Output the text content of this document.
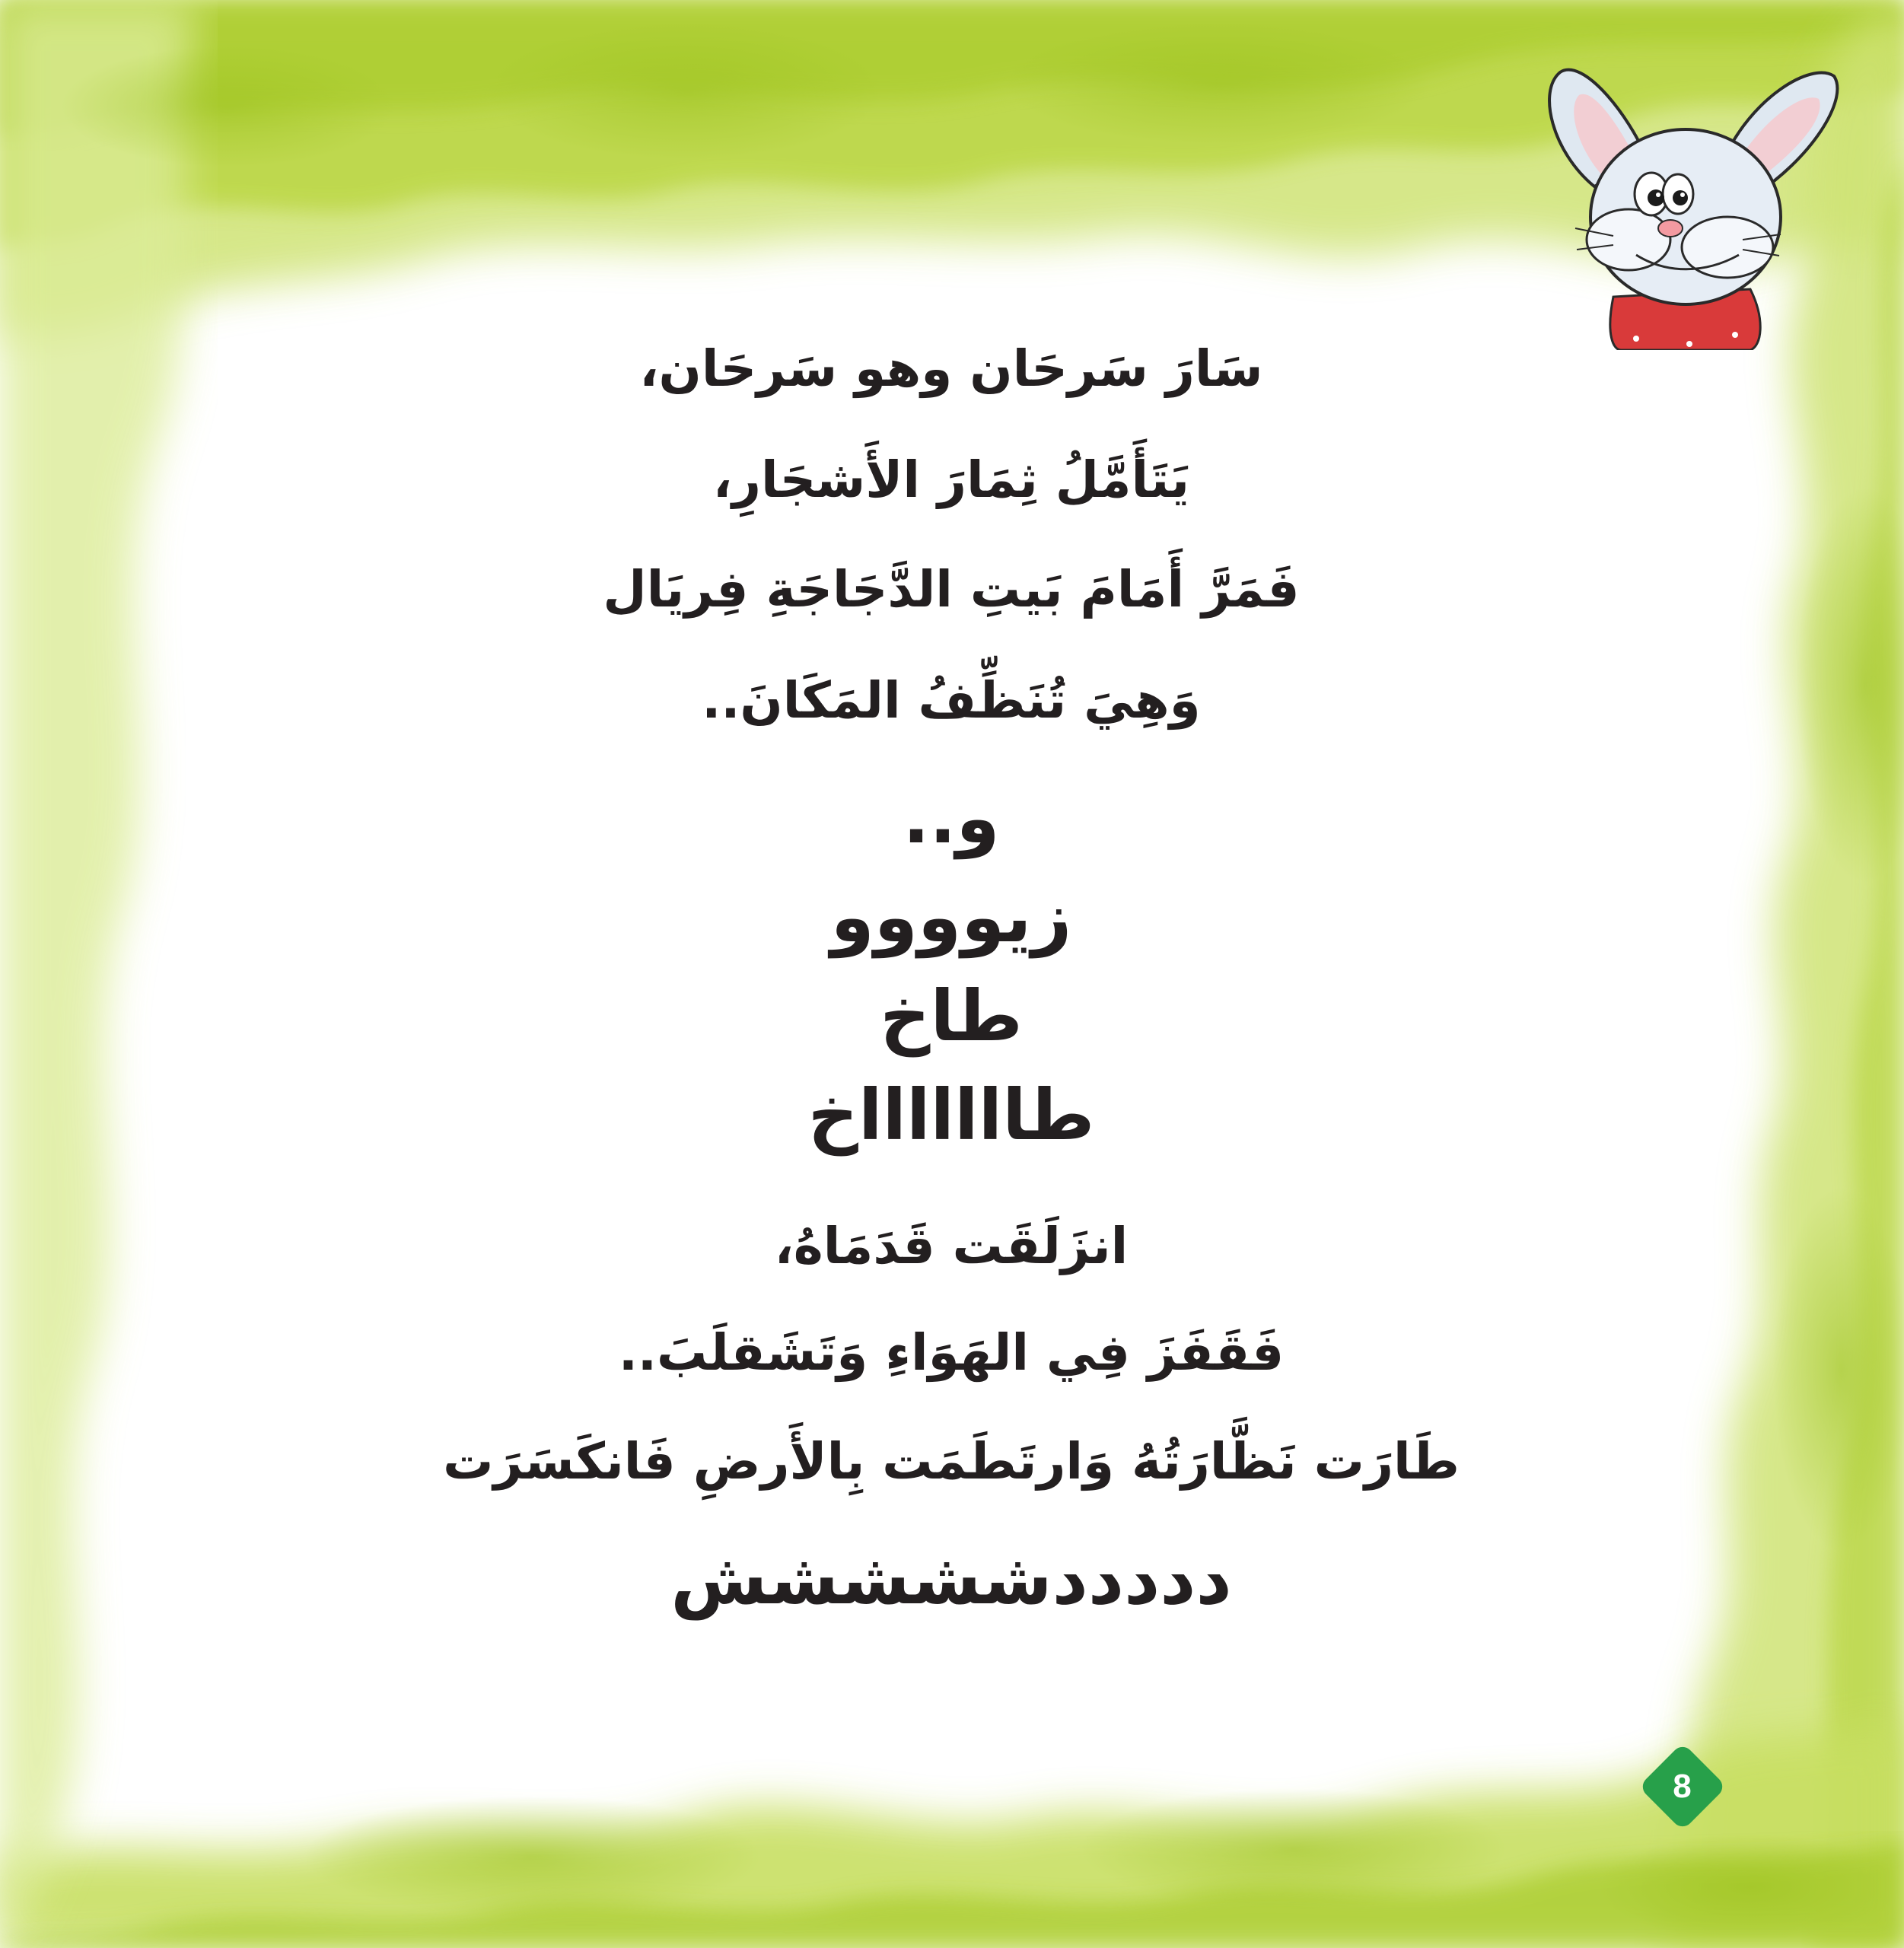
سَارَ سَرحَان وهو سَرحَان،
يَتَأَمَّلُ ثِمَارَ الأَشجَارِ،
فَمَرَّ أَمَامَ بَيتِ الدَّجَاجَةِ فِريَال
وَهِيَ تُنَظِّفُ المَكَانَ..
و..
زيوووو
طاخ
طاااااااخ
انزَلَقَت قَدَمَاهُ،
فَقَفَزَ فِي الهَوَاءِ وَتَشَقلَبَ..
طَارَت نَظَّارَتُهُ وَارتَطَمَت بِالأَرضِ فَانكَسَرَت
دددددششششش
8
